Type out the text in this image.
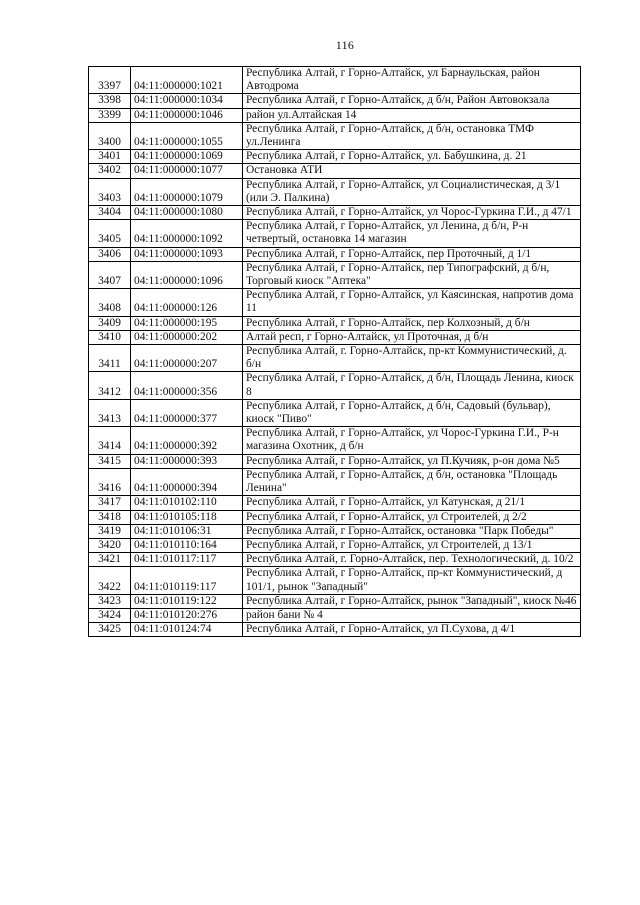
116
3397	04:11:000000:1021	Республика Алтай, г Горно-Алтайск, ул Барнаульская, район Автодрома
3398	04:11:000000:1034	Республика Алтай, г Горно-Алтайск, д б/н, Район Автовокзала
3399	04:11:000000:1046	район ул.Алтайская 14
3400	04:11:000000:1055	Республика Алтай, г Горно-Алтайск, д б/н, остановка ТМФ ул.Ленинга
3401	04:11:000000:1069	Республика Алтай, г Горно-Алтайск, ул. Бабушкина, д. 21
3402	04:11:000000:1077	Остановка АТИ
3403	04:11:000000:1079	Республика Алтай, г Горно-Алтайск, ул Социалистическая, д 3/1 (или Э. Палкина)
3404	04:11:000000:1080	Республика Алтай, г Горно-Алтайск, ул Чорос-Гуркина Г.И., д 47/1
3405	04:11:000000:1092	Республика Алтай, г Горно-Алтайск, ул Ленина, д б/н, Р-н четвертый, остановка 14 магазин
3406	04:11:000000:1093	Республика Алтай, г Горно-Алтайск, пер Проточный, д 1/1
3407	04:11:000000:1096	Республика Алтай, г Горно-Алтайск, пер Типографский, д б/н, Торговый киоск "Аптека"
3408	04:11:000000:126	Республика Алтай, г Горно-Алтайск, ул Каясинская, напротив дома 11
3409	04:11:000000:195	Республика Алтай, г Горно-Алтайск, пер Колхозный, д б/н
3410	04:11:000000:202	Алтай респ, г Горно-Алтайск, ул Проточная, д б/н
3411	04:11:000000:207	Республика Алтай, г. Горно-Алтайск, пр-кт Коммунистический, д. б/н
3412	04:11:000000:356	Республика Алтай, г Горно-Алтайск, д б/н, Площадь Ленина, киоск 8
3413	04:11:000000:377	Республика Алтай, г Горно-Алтайск, д б/н, Садовый (бульвар), киоск "Пиво"
3414	04:11:000000:392	Республика Алтай, г Горно-Алтайск, ул Чорос-Гуркина Г.И., Р-н магазина Охотник, д б/н
3415	04:11:000000:393	Республика Алтай, г Горно-Алтайск, ул П.Кучияк, р-он дома №5
3416	04:11:000000:394	Республика Алтай, г Горно-Алтайск, д б/н, остановка "Площадь Ленина"
3417	04:11:010102:110	Республика Алтай, г Горно-Алтайск, ул Катунская, д 21/1
3418	04:11:010105:118	Республика Алтай, г Горно-Алтайск, ул Строителей, д 2/2
3419	04:11:010106:31	Республика Алтай, г Горно-Алтайск, остановка "Парк Победы"
3420	04:11:010110:164	Республика Алтай, г Горно-Алтайск, ул Строителей, д 13/1
3421	04:11:010117:117	Республика Алтай, г. Горно-Алтайск, пер. Технологический, д. 10/2
3422	04:11:010119:117	Республика Алтай, г Горно-Алтайск, пр-кт Коммунистический, д 101/1, рынок "Западный"
3423	04:11:010119:122	Республика Алтай, г Горно-Алтайск, рынок "Западный", киоск №46
3424	04:11:010120:276	район бани № 4
3425	04:11:010124:74	Республика Алтай, г Горно-Алтайск, ул П.Сухова, д 4/1
